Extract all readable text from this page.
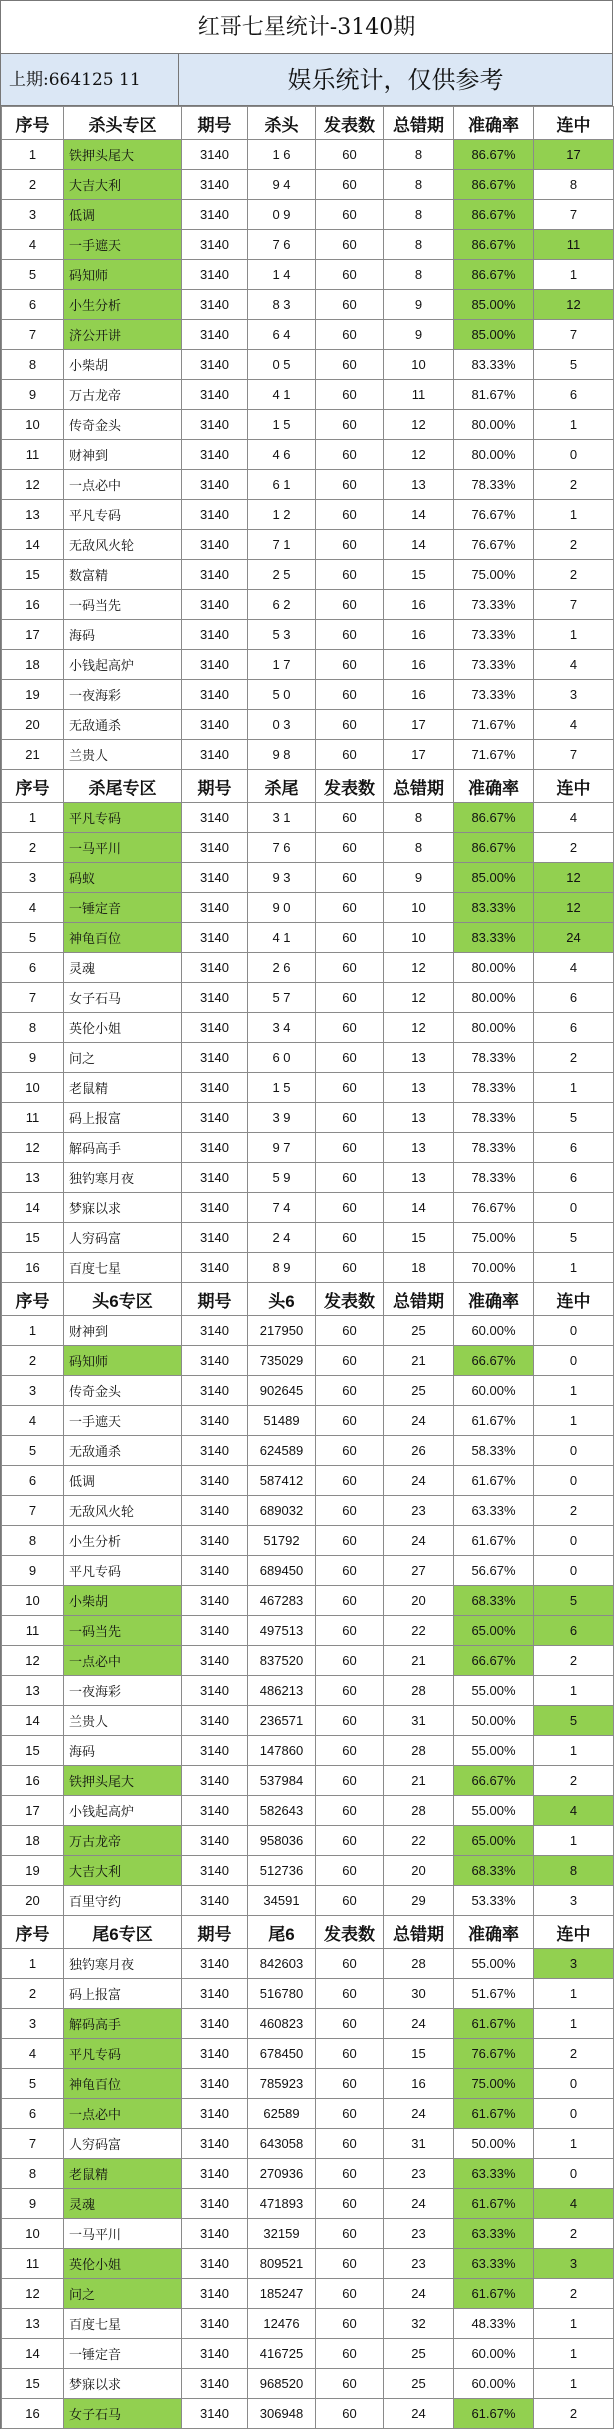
红哥七星统计-3140期
上期:664125 11	娱乐统计，仅供参考
序号	杀头专区	期号	杀头	发表数	总错期	准确率	连中
1	铁押头尾大	3140	1 6	60	8	86.67%	17
2	大吉大利	3140	9 4	60	8	86.67%	8
3	低调	3140	0 9	60	8	86.67%	7
4	一手遮天	3140	7 6	60	8	86.67%	11
5	码知师	3140	1 4	60	8	86.67%	1
6	小生分析	3140	8 3	60	9	85.00%	12
7	济公开讲	3140	6 4	60	9	85.00%	7
8	小柴胡	3140	0 5	60	10	83.33%	5
9	万古龙帝	3140	4 1	60	11	81.67%	6
10	传奇金头	3140	1 5	60	12	80.00%	1
11	财神到	3140	4 6	60	12	80.00%	0
12	一点必中	3140	6 1	60	13	78.33%	2
13	平凡专码	3140	1 2	60	14	76.67%	1
14	无敌风火轮	3140	7 1	60	14	76.67%	2
15	数富精	3140	2 5	60	15	75.00%	2
16	一码当先	3140	6 2	60	16	73.33%	7
17	海码	3140	5 3	60	16	73.33%	1
18	小钱起高炉	3140	1 7	60	16	73.33%	4
19	一夜海彩	3140	5 0	60	16	73.33%	3
20	无敌通杀	3140	0 3	60	17	71.67%	4
21	兰贵人	3140	9 8	60	17	71.67%	7
序号	杀尾专区	期号	杀尾	发表数	总错期	准确率	连中
1	平凡专码	3140	3 1	60	8	86.67%	4
2	一马平川	3140	7 6	60	8	86.67%	2
3	码蚁	3140	9 3	60	9	85.00%	12
4	一锤定音	3140	9 0	60	10	83.33%	12
5	神龟百位	3140	4 1	60	10	83.33%	24
6	灵魂	3140	2 6	60	12	80.00%	4
7	女子石马	3140	5 7	60	12	80.00%	6
8	英伦小姐	3140	3 4	60	12	80.00%	6
9	问之	3140	6 0	60	13	78.33%	2
10	老鼠精	3140	1 5	60	13	78.33%	1
11	码上报富	3140	3 9	60	13	78.33%	5
12	解码高手	3140	9 7	60	13	78.33%	6
13	独钓寒月夜	3140	5 9	60	13	78.33%	6
14	梦寐以求	3140	7 4	60	14	76.67%	0
15	人穷码富	3140	2 4	60	15	75.00%	5
16	百度七星	3140	8 9	60	18	70.00%	1
序号	头6专区	期号	头6	发表数	总错期	准确率	连中
1	财神到	3140	217950	60	25	60.00%	0
2	码知师	3140	735029	60	21	66.67%	0
3	传奇金头	3140	902645	60	25	60.00%	1
4	一手遮天	3140	51489	60	24	61.67%	1
5	无敌通杀	3140	624589	60	26	58.33%	0
6	低调	3140	587412	60	24	61.67%	0
7	无敌风火轮	3140	689032	60	23	63.33%	2
8	小生分析	3140	51792	60	24	61.67%	0
9	平凡专码	3140	689450	60	27	56.67%	0
10	小柴胡	3140	467283	60	20	68.33%	5
11	一码当先	3140	497513	60	22	65.00%	6
12	一点必中	3140	837520	60	21	66.67%	2
13	一夜海彩	3140	486213	60	28	55.00%	1
14	兰贵人	3140	236571	60	31	50.00%	5
15	海码	3140	147860	60	28	55.00%	1
16	铁押头尾大	3140	537984	60	21	66.67%	2
17	小钱起高炉	3140	582643	60	28	55.00%	4
18	万古龙帝	3140	958036	60	22	65.00%	1
19	大吉大利	3140	512736	60	20	68.33%	8
20	百里守约	3140	34591	60	29	53.33%	3
序号	尾6专区	期号	尾6	发表数	总错期	准确率	连中
1	独钓寒月夜	3140	842603	60	28	55.00%	3
2	码上报富	3140	516780	60	30	51.67%	1
3	解码高手	3140	460823	60	24	61.67%	1
4	平凡专码	3140	678450	60	15	76.67%	2
5	神龟百位	3140	785923	60	16	75.00%	0
6	一点必中	3140	62589	60	24	61.67%	0
7	人穷码富	3140	643058	60	31	50.00%	1
8	老鼠精	3140	270936	60	23	63.33%	0
9	灵魂	3140	471893	60	24	61.67%	4
10	一马平川	3140	32159	60	23	63.33%	2
11	英伦小姐	3140	809521	60	23	63.33%	3
12	问之	3140	185247	60	24	61.67%	2
13	百度七星	3140	12476	60	32	48.33%	1
14	一锤定音	3140	416725	60	25	60.00%	1
15	梦寐以求	3140	968520	60	25	60.00%	1
16	女子石马	3140	306948	60	24	61.67%	2
